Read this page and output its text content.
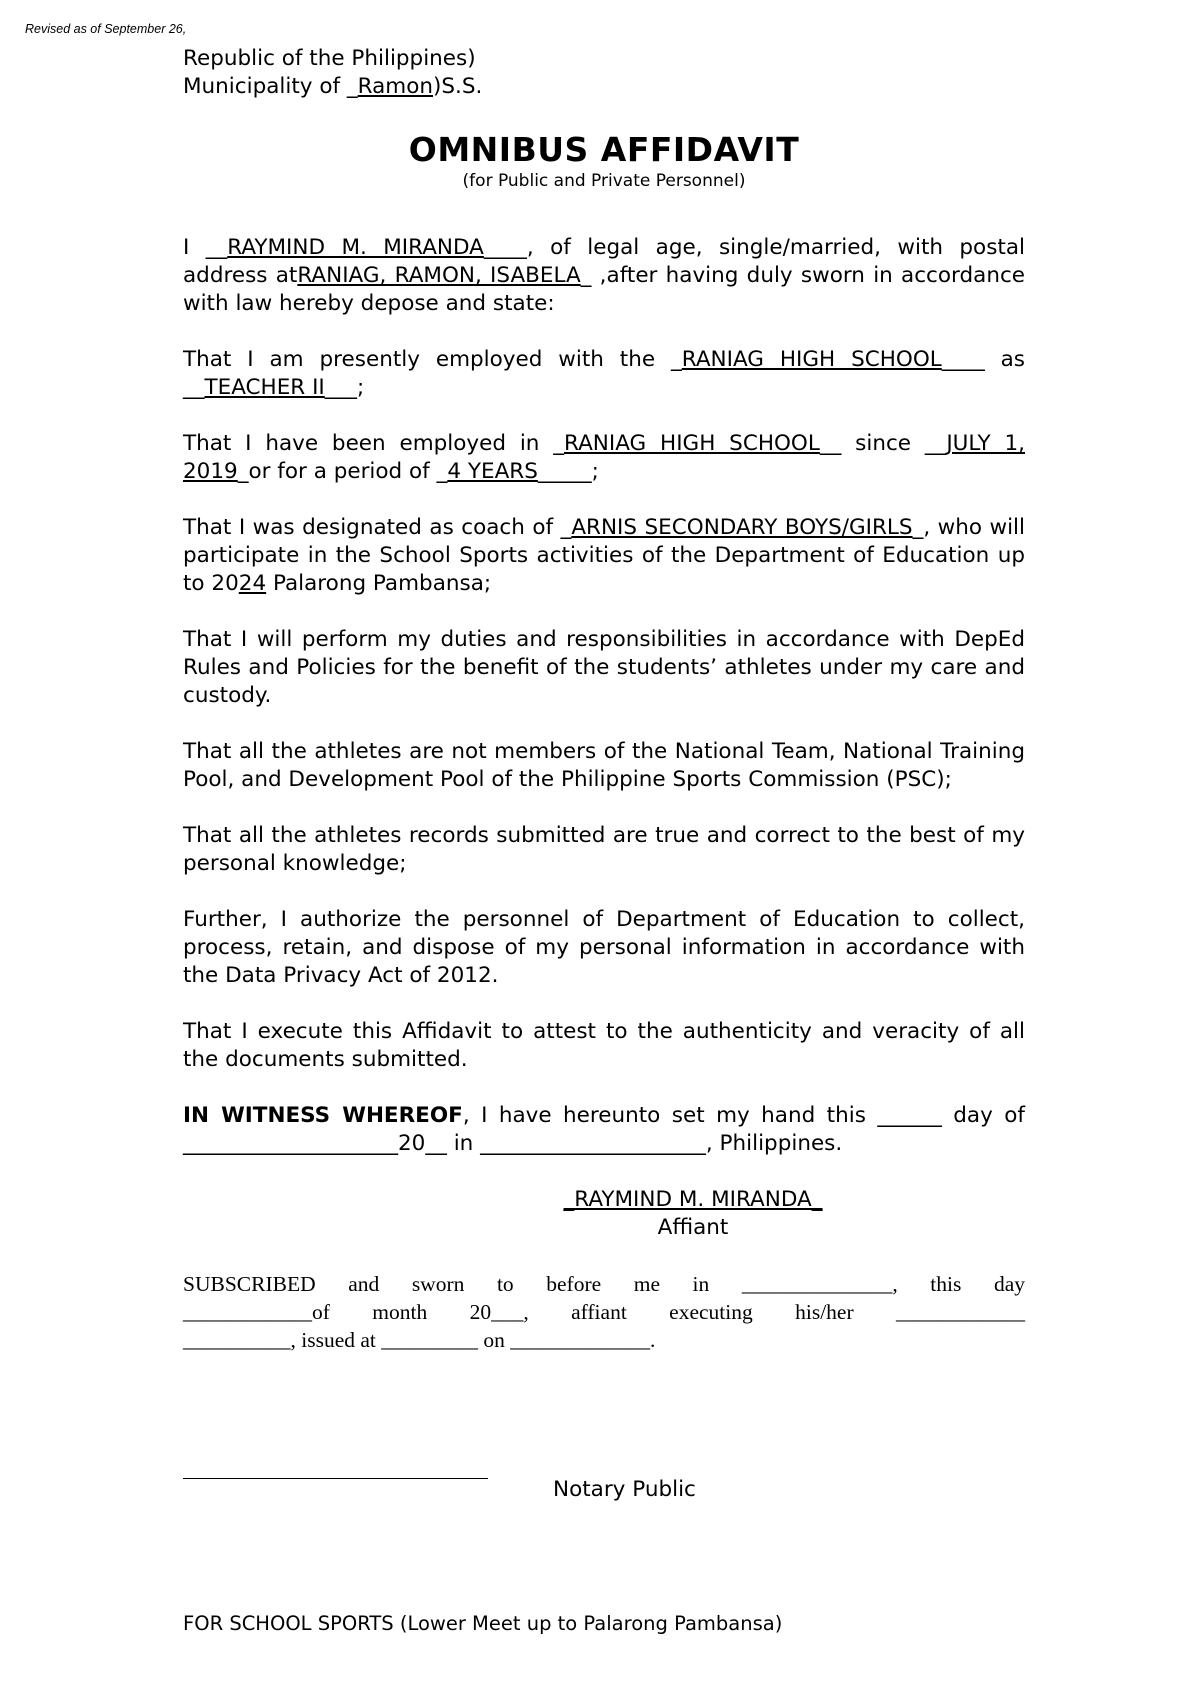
Revised as of September 26,
Republic of the Philippines)
Municipality of _Ramon)S.S.
OMNIBUS AFFIDAVIT
(for Public and Private Personnel)

I __RAYMIND M. MIRANDA____, of legal age, single/married, with postal address atRANIAG, RAMON, ISABELA_ ,after having duly sworn in accordance with law hereby depose and state:

That I am presently employed with the _RANIAG HIGH SCHOOL____ as __TEACHER II___;

That I have been employed in _RANIAG HIGH SCHOOL__ since __JULY 1, 2019_or for a period of _4 YEARS_____;

That I was designated as coach of _ARNIS SECONDARY BOYS/GIRLS_, who will participate in the School Sports activities of the Department of Education up to 2024 Palarong Pambansa;

That I will perform my duties and responsibilities in accordance with DepEd Rules and Policies for the benefit of the students’ athletes under my care and custody.

That all the athletes are not members of the National Team, National Training Pool, and Development Pool of the Philippine Sports Commission (PSC);

That all the athletes records submitted are true and correct to the best of my personal knowledge;

Further, I authorize the personnel of Department of Education to collect, process, retain, and dispose of my personal information in accordance with the Data Privacy Act of 2012.

That I execute this Affidavit to attest to the authenticity and veracity of all the documents submitted.

IN WITNESS WHEREOF, I have hereunto set my hand this ______ day of ____________________20__ in _____________________, Philippines.

_RAYMIND M. MIRANDA_
Affiant
SUBSCRIBED and sworn to before me in ______________, this day
____________of month 20___, affiant executing his/her ____________
__________, issued at _________ on _____________.
Notary Public
FOR SCHOOL SPORTS (Lower Meet up to Palarong Pambansa)
